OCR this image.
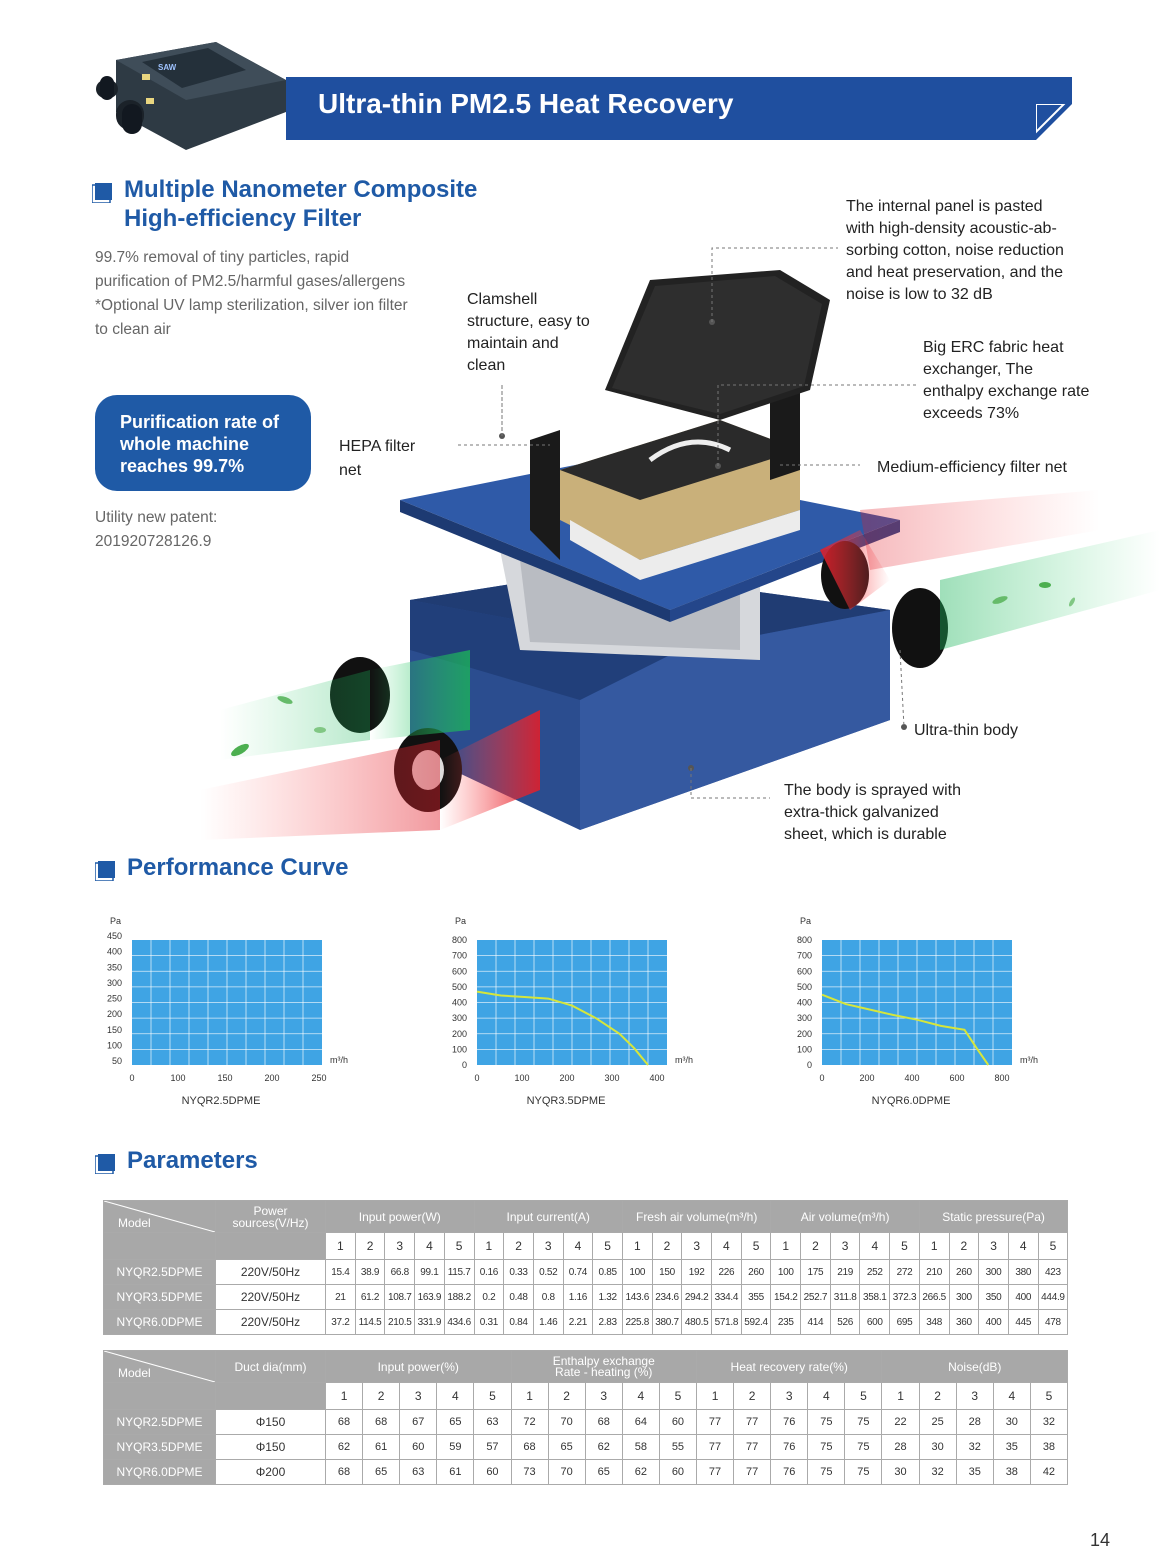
Ultra-thin PM2.5 Heat Recovery
SAW
Multiple Nanometer Composite
High-efficiency Filter
99.7% removal of tiny particles, rapid
purification of PM2.5/harmful gases/allergens
*Optional UV lamp sterilization, silver ion filter
to clean air
Purification rate of
whole machine
reaches 99.7%
Utility new patent:
201920728126.9
Clamshell
structure, easy to
maintain and
clean
The internal panel is pasted
with high-density acoustic-ab-
sorbing cotton, noise reduction
and heat preservation, and the
noise is low to 32 dB
Big ERC fabric heat
exchanger, The
enthalpy exchange rate
exceeds 73%
HEPA filter
net	Medium-efficiency filter net
Ultra-thin body
The body is sprayed with
extra-thick galvanized
sheet, which is durable
Performance Curve
50
100
150
200
250
300
350
400
450
0	100	150	200	250
Pa
m³/h
NYQR2.5DPME
0
100
200
300
400
500
600
700
800
0	100	200	300	400
Pa
m³/h
NYQR3.5DPME
0
100
200
300
400
500
600
700
800
0	200	400	600	800
Pa
m³/h
NYQR6.0DPME
Parameters
Model	Power
sources(V/Hz)	Input power(W)					Input current(A)					Fresh air volume(m³/h)					Air volume(m³/h)					Static pressure(Pa)				
		1	2	3	4	5	1	2	3	4	5	1	2	3	4	5	1	2	3	4	5	1	2	3	4	5
NYQR2.5DPME	220V/50Hz	15.4	38.9	66.8	99.1	115.7	0.16	0.33	0.52	0.74	0.85	100	150	192	226	260	100	175	219	252	272	210	260	300	380	423
NYQR3.5DPME	220V/50Hz	21	61.2	108.7	163.9	188.2	0.2	0.48	0.8	1.16	1.32	143.6	234.6	294.2	334.4	355	154.2	252.7	311.8	358.1	372.3	266.5	300	350	400	444.9
NYQR6.0DPME	220V/50Hz	37.2	114.5	210.5	331.9	434.6	0.31	0.84	1.46	2.21	2.83	225.8	380.7	480.5	571.8	592.4	235	414	526	600	695	348	360	400	445	478
Model	Duct dia(mm)	Input power(%)					Enthalpy exchange
Rate - heating (%)					Heat recovery rate(%)					Noise(dB)				
		1	2	3	4	5	1	2	3	4	5	1	2	3	4	5	1	2	3	4	5
NYQR2.5DPME	Φ150	68	68	67	65	63	72	70	68	64	60	77	77	76	75	75	22	25	28	30	32
NYQR3.5DPME	Φ150	62	61	60	59	57	68	65	62	58	55	77	77	76	75	75	28	30	32	35	38
NYQR6.0DPME	Φ200	68	65	63	61	60	73	70	65	62	60	77	77	76	75	75	30	32	35	38	42
14
